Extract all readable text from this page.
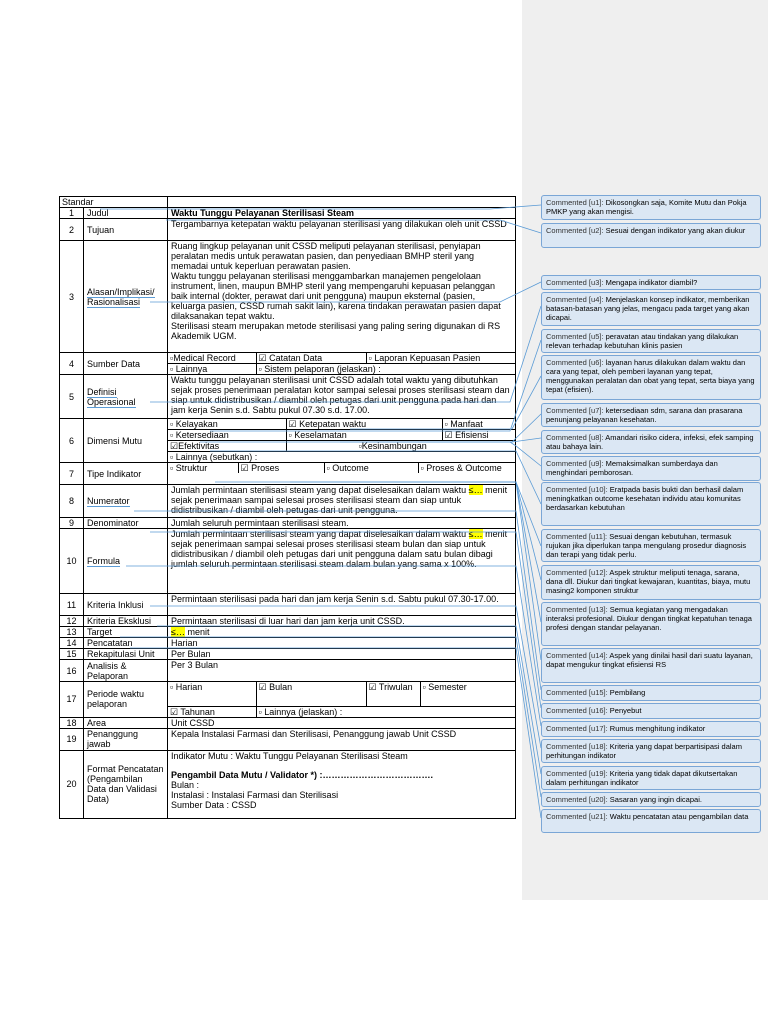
Standar	
1	Judul	Waktu Tunggu Pelayanan Sterilisasi Steam
2	Tujuan	Tergambarnya ketepatan waktu pelayanan sterilisasi yang dilakukan oleh unit CSSD
3	Alasan/Implikasi/ Rasionalisasi	Ruang lingkup pelayanan unit CSSD meliputi pelayanan sterilisasi, penyiapan peralatan medis untuk perawatan pasien, dan penyediaan BMHP steril yang memadai untuk keperluan perawatan pasien.
Waktu tunggu pelayanan sterilisasi menggambarkan manajemen pengelolaan instrument, linen, maupun BMHP steril yang mempengaruhi kepuasan pelanggan baik internal (dokter, perawat dari unit pengguna) maupun eksternal (pasien, keluarga pasien, CSSD rumah sakit lain), karena tindakan perawatan pasien dapat dilaksanakan tepat waktu.
Sterilisasi steam merupakan metode sterilisasi yang paling sering digunakan di RS Akademik UGM.
4	Sumber Data	
▫Medical Record	☑ Catatan Data	▫ Laporan Kepuasan Pasien
▫ Lainnya	▫ Sistem pelaporan (jelaskan) :

5	Definisi Operasional	Waktu tunggu pelayanan sterilisasi unit CSSD adalah total waktu yang dibutuhkan sejak proses penerimaan peralatan kotor sampai selesai proses sterilisasi steam dan siap untuk didistribusikan / diambil oleh petugas dari unit pengguna pada hari dan jam kerja Senin s.d. Sabtu pukul 07.30 s.d. 17.00.
6	Dimensi Mutu	
▫ Kelayakan	☑ Ketepatan waktu	▫ Manfaat
▫ Ketersediaan	▫ Keselamatan	☑ Efisiensi
☑Efektivitas	▫Kesinambungan
▫ Lainnya (sebutkan) :

7	Tipe Indikator	
▫ Struktur	☑ Proses	▫ Outcome	▫ Proses & Outcome

8	Numerator	Jumlah permintaan sterilisasi steam yang dapat diselesaikan dalam waktu ≤… menit sejak penerimaan sampai selesai proses sterilisasi steam dan siap untuk didistribusikan / diambil oleh petugas dari unit pengguna.
9	Denominator	Jumlah seluruh permintaan sterilisasi steam.
10	Formula	Jumlah permintaan sterilisasi steam yang dapat diselesaikan dalam waktu ≤… menit sejak penerimaan sampai selesai proses sterilisasi steam bulan dan siap untuk didistribusikan / diambil oleh petugas dari unit pengguna dalam satu bulan dibagi jumlah seluruh permintaan sterilisasi steam dalam bulan yang sama x 100%.
11	Kriteria Inklusi	Permintaan sterilisasi pada hari dan jam kerja Senin s.d. Sabtu pukul 07.30-17.00.
12	Kriteria Eksklusi	Permintaan sterilisasi di luar hari dan jam kerja unit CSSD.
13	Target	≤… menit
14	Pencatatan	Harian
15	Rekapitulasi Unit	Per Bulan
16	Analisis & Pelaporan	Per 3 Bulan
17	Periode waktu pelaporan	
▫ Harian	☑ Bulan	☑ Triwulan	▫ Semester
☑ Tahunan	▫ Lainnya (jelaskan) :

18	Area	Unit CSSD
19	Penanggung jawab	Kepala Instalasi Farmasi dan Sterilisasi, Penanggung jawab Unit CSSD
20	Format Pencatatan (Pengambilan Data dan Validasi Data)	
Indikator Mutu : Waktu Tunggu Pelayanan Sterilisasi Steam
Pengambil Data Mutu / Validator *) :……………………………….
Bulan :
Instalasi : Instalasi Farmasi dan Sterilisasi
Sumber Data : CSSD
Commented [u1]: Dikosongkan saja, Komite Mutu dan Pokja PMKP yang akan mengisi.
Commented [u2]: Sesuai dengan indikator yang akan diukur
Commented [u3]: Mengapa indikator diambil?
Commented [u4]: Menjelaskan konsep indikator, memberikan batasan-batasan yang jelas, mengacu pada target yang akan dicapai.
Commented [u5]: peravatan atau tindakan yang dilakukan relevan terhadap kebutuhan klinis pasien
Commented [u6]: layanan harus dilakukan dalam waktu dan cara yang tepat, oleh pemberi layanan yang tepat, menggunakan peralatan dan obat yang tepat, serta biaya yang tepat (efisien).
Commented [u7]: ketersediaan sdm, sarana dan prasarana penunjang pelayanan kesehatan.
Commented [u8]: Amandari risiko cidera, infeksi, efek samping atau bahaya lain.
Commented [u9]: Memaksimalkan sumberdaya dan menghindari pemborosan.
Commented [u10]: Eratpada basis bukti dan berhasil dalam meningkatkan outcome kesehatan individu atau komunitas berdasarkan kebutuhan
Commented [u11]: Sesuai dengan kebutuhan, termasuk rujukan jika diperlukan tanpa mengulang prosedur diagnosis dan terapi yang tidak perlu.
Commented [u12]: Aspek struktur meliputi tenaga, sarana, dana dll. Diukur dari tingkat kewajaran, kuantitas, biaya, mutu masing2 komponen struktur
Commented [u13]: Semua kegiatan yang mengadakan interaksi profesional. Diukur dengan tingkat kepatuhan tenaga profesi dengan standar pelayanan.
Commented [u14]: Aspek yang dinilai hasil dari suatu layanan, dapat mengukur tingkat efisiensi RS
Commented [u15]: Pembilang
Commented [u16]: Penyebut
Commented [u17]: Rumus menghitung indikator
Commented [u18]: Kriteria yang dapat berpartisipasi dalam perhitungan indikator
Commented [u19]: Kriteria yang tidak dapat dikutsertakan dalam perhitungan indikator
Commented [u20]: Sasaran yang ingin dicapai.
Commented [u21]: Waktu pencatatan atau pengambilan data
